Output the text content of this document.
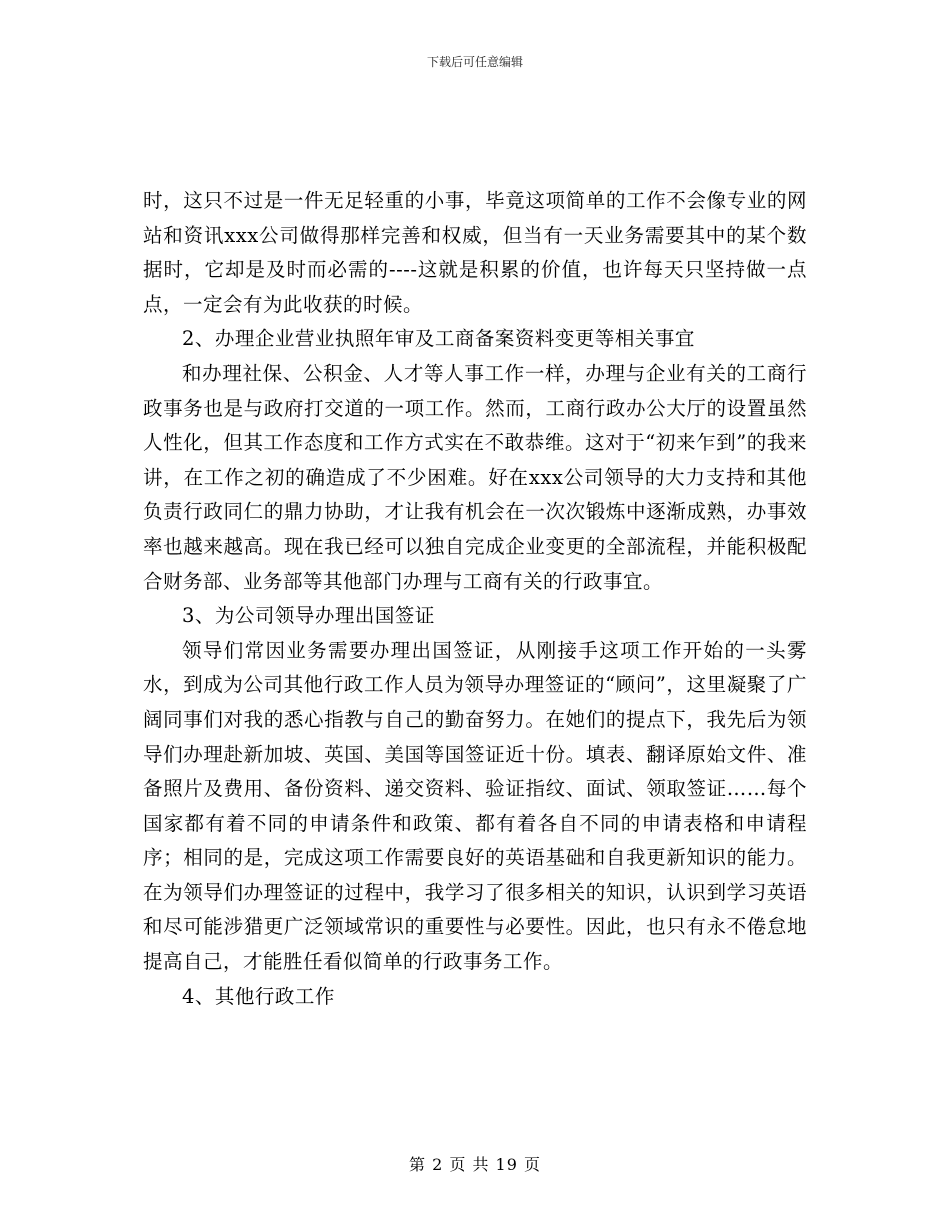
下载后可任意编辑

时，这只不过是一件无足轻重的小事，毕竟这项简单的工作不会像专业的网站和资讯xxx公司做得那样完善和权威，但当有一天业务需要其中的某个数据时，它却是及时而必需的----这就是积累的价值，也许每天只坚持做一点点，一定会有为此收获的时候。

2、办理企业营业执照年审及工商备案资料变更等相关事宜

和办理社保、公积金、人才等人事工作一样，办理与企业有关的工商行政事务也是与政府打交道的一项工作。然而，工商行政办公大厅的设置虽然人性化，但其工作态度和工作方式实在不敢恭维。这对于“初来乍到”的我来讲，在工作之初的确造成了不少困难。好在xxx公司领导的大力支持和其他负责行政同仁的鼎力协助，才让我有机会在一次次锻炼中逐渐成熟，办事效率也越来越高。现在我已经可以独自完成企业变更的全部流程，并能积极配合财务部、业务部等其他部门办理与工商有关的行政事宜。

3、为公司领导办理出国签证

领导们常因业务需要办理出国签证，从刚接手这项工作开始的一头雾水，到成为公司其他行政工作人员为领导办理签证的“顾问”，这里凝聚了广阔同事们对我的悉心指教与自己的勤奋努力。在她们的提点下，我先后为领导们办理赴新加坡、英国、美国等国签证近十份。填表、翻译原始文件、准备照片及费用、备份资料、递交资料、验证指纹、面试、领取签证……每个国家都有着不同的申请条件和政策、都有着各自不同的申请表格和申请程序；相同的是，完成这项工作需要良好的英语基础和自我更新知识的能力。在为领导们办理签证的过程中，我学习了很多相关的知识，认识到学习英语和尽可能涉猎更广泛领域常识的重要性与必要性。因此，也只有永不倦怠地提高自己，才能胜任看似简单的行政事务工作。

4、其他行政工作

第 2 页 共 19 页
